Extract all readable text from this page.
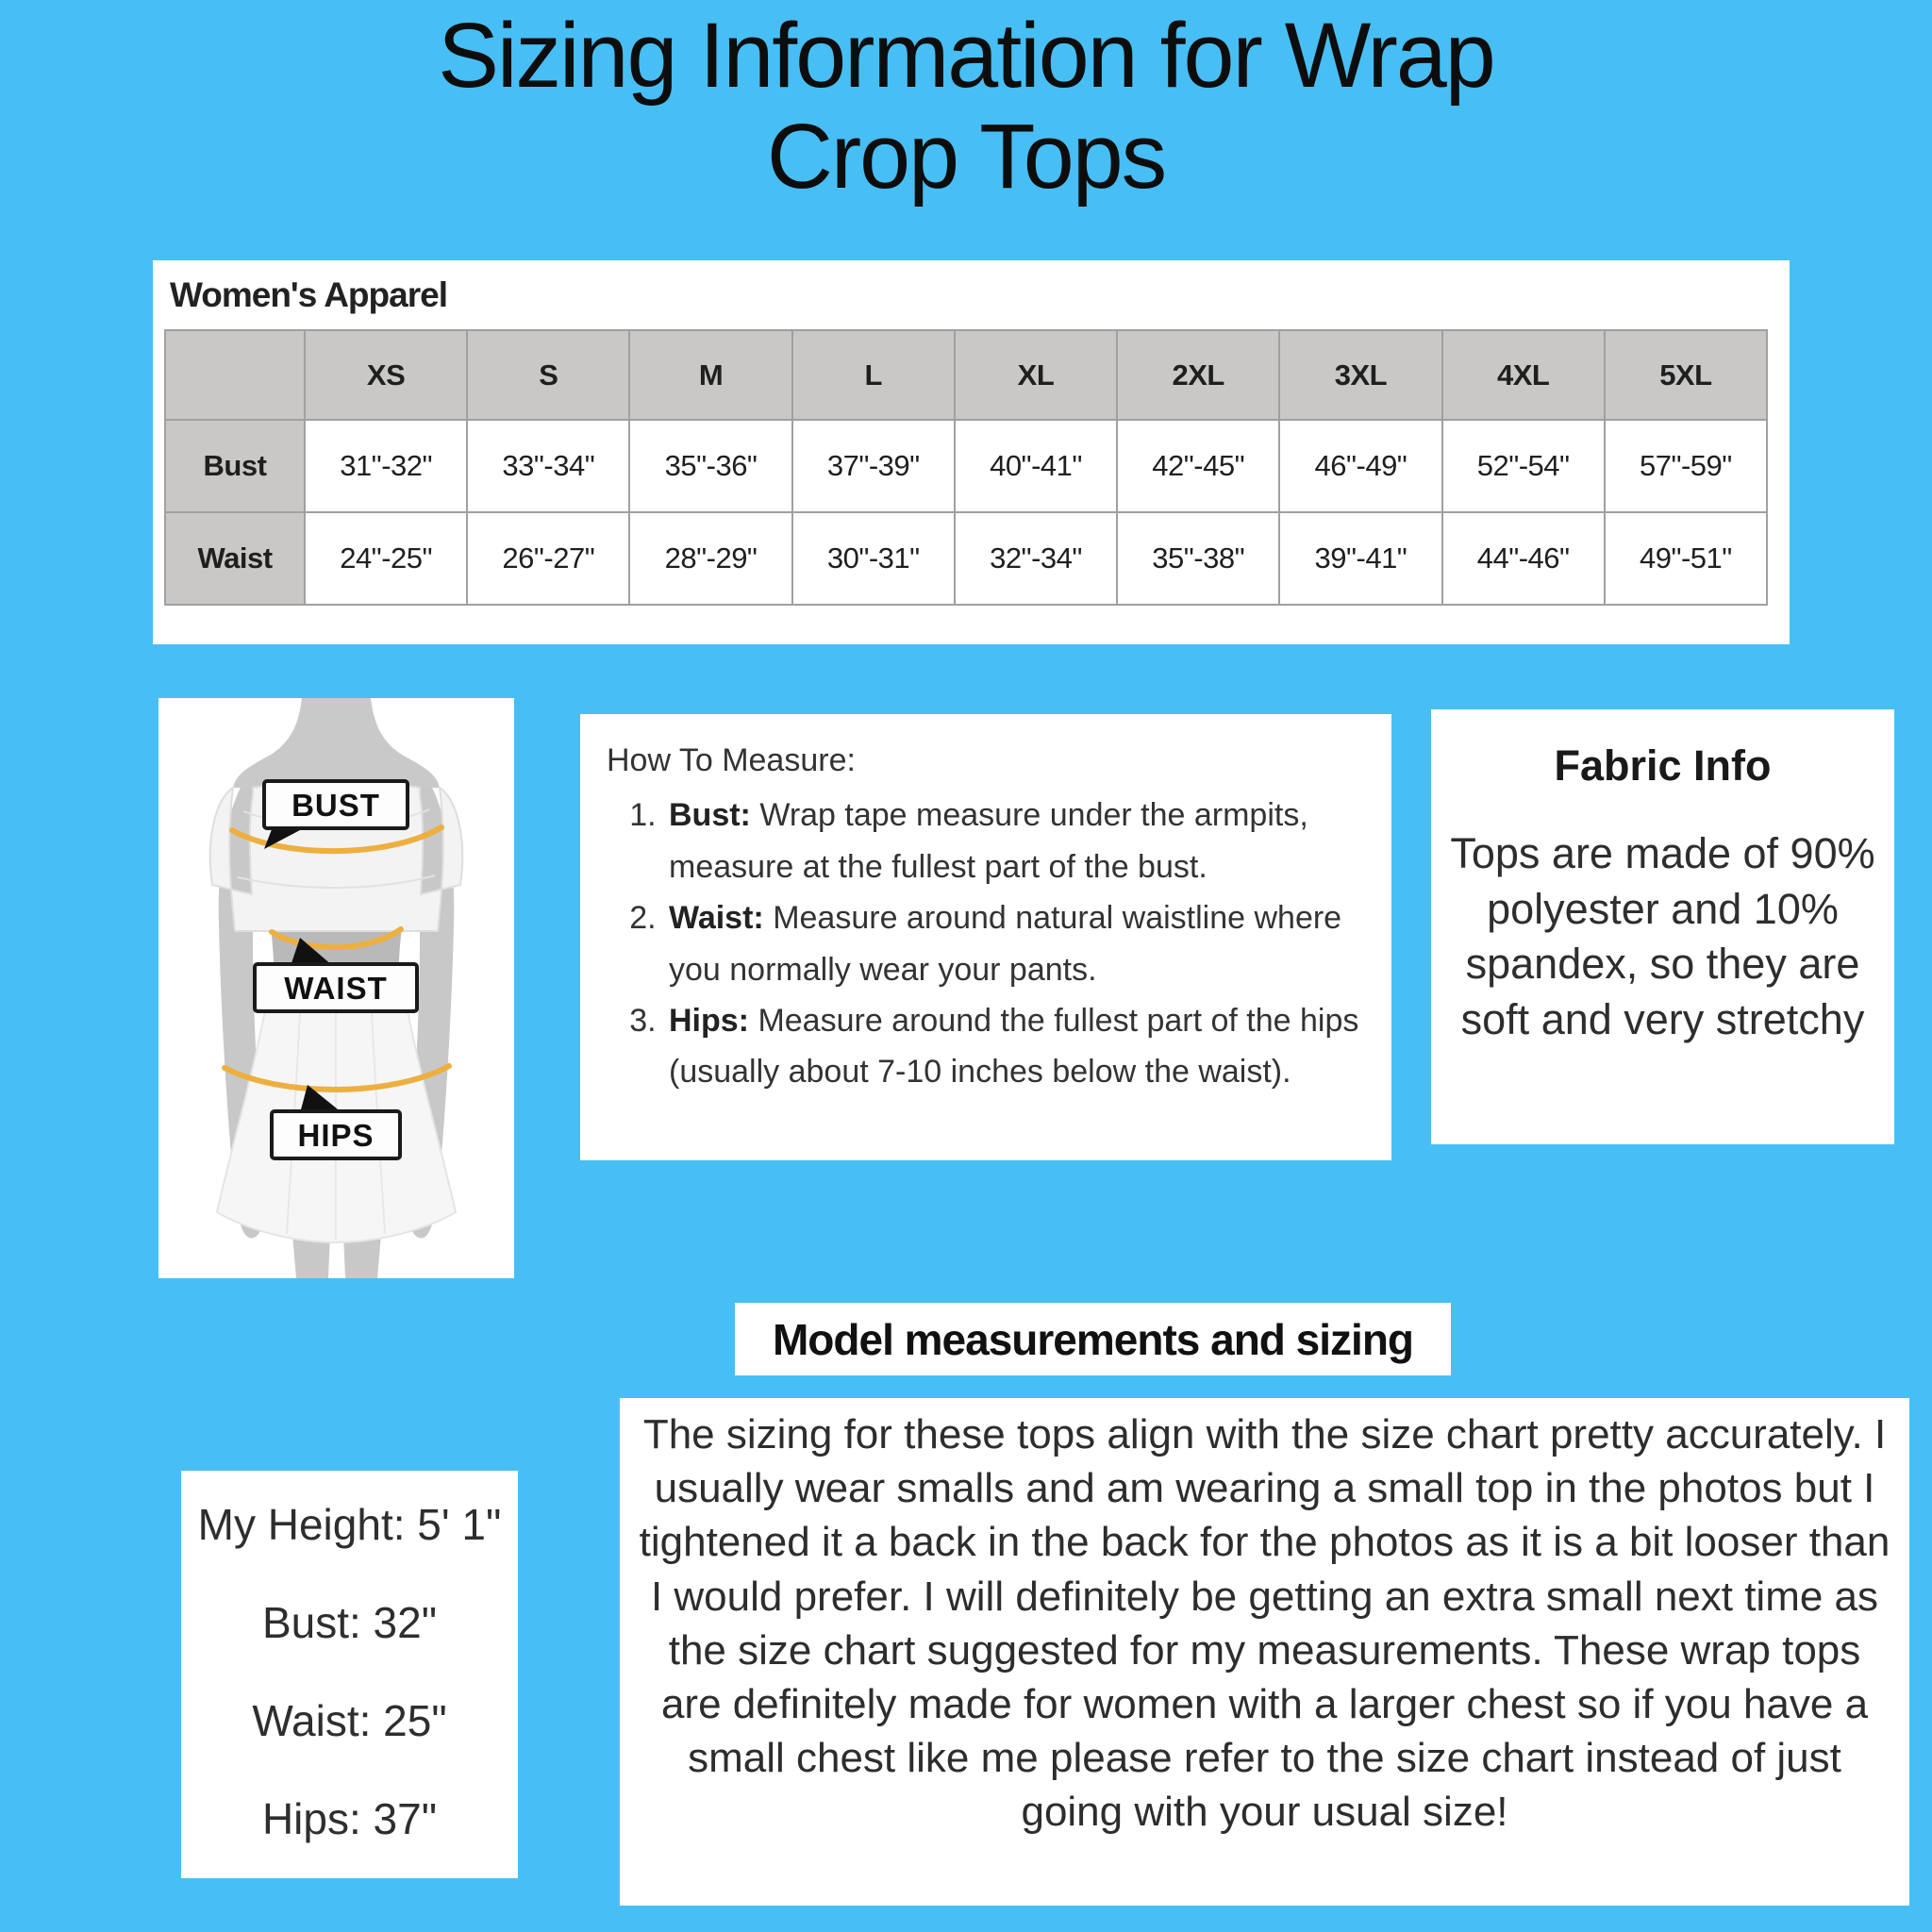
Sizing Information for Wrap
Crop Tops
Women's Apparel
	XS	S	M	L	XL	2XL	3XL	4XL	5XL
Bust	31"-32"	33"-34"	35"-36"	37"-39"	40"-41"	42"-45"	46"-49"	52"-54"	57"-59"
Waist	24"-25"	26"-27"	28"-29"	30"-31"	32"-34"	35"-38"	39"-41"	44"-46"	49"-51"
BUST
WAIST
HIPS
How To Measure:
1. Bust: Wrap tape measure under the armpits, measure at the fullest part of the bust.
2. Waist: Measure around natural waistline where you normally wear your pants.
3. Hips: Measure around the fullest part of the hips (usually about 7-10 inches below the waist).
Fabric Info
Tops are made of 90% polyester and 10% spandex, so they are soft and very stretchy
Model measurements and sizing
My Height: 5' 1"
Bust: 32"
Waist: 25"
Hips: 37"
The sizing for these tops align with the size chart pretty accurately. I usually wear smalls and am wearing a small top in the photos but I tightened it a back in the back for the photos as it is a bit looser than I would prefer. I will definitely be getting an extra small next time as the size chart suggested for my measurements. These wrap tops are definitely made for women with a larger chest so if you have a small chest like me please refer to the size chart instead of just going with your usual size!
